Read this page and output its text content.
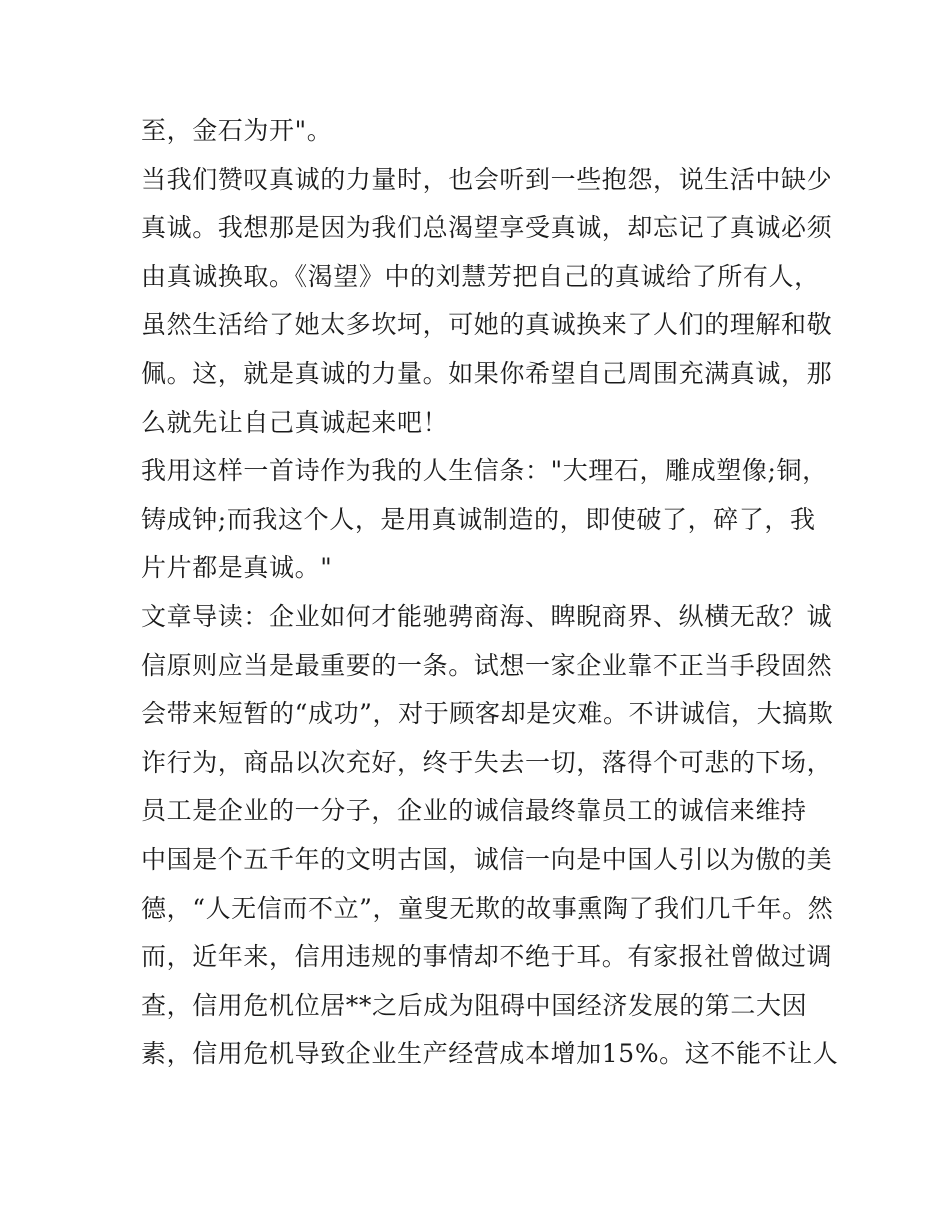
至，金石为开"。
当我们赞叹真诚的力量时，也会听到一些抱怨，说生活中缺少
真诚。我想那是因为我们总渴望享受真诚，却忘记了真诚必须
由真诚换取。《渴望》中的刘慧芳把自己的真诚给了所有人，
虽然生活给了她太多坎坷，可她的真诚换来了人们的理解和敬
佩。这，就是真诚的力量。如果你希望自己周围充满真诚，那
么就先让自己真诚起来吧！
我用这样一首诗作为我的人生信条："大理石，雕成塑像;铜，
铸成钟;而我这个人，是用真诚制造的，即使破了，碎了，我
片片都是真诚。"
文章导读：企业如何才能驰骋商海、睥睨商界、纵横无敌？诚
信原则应当是最重要的一条。试想一家企业靠不正当手段固然
会带来短暂的“成功”，对于顾客却是灾难。不讲诚信，大搞欺
诈行为，商品以次充好，终于失去一切，落得个可悲的下场，
员工是企业的一分子，企业的诚信最终靠员工的诚信来维持
中国是个五千年的文明古国，诚信一向是中国人引以为傲的美
德，“人无信而不立”，童叟无欺的故事熏陶了我们几千年。然
而，近年来，信用违规的事情却不绝于耳。有家报社曾做过调
查，信用危机位居**之后成为阻碍中国经济发展的第二大因
素，信用危机导致企业生产经营成本增加15%。这不能不让人
